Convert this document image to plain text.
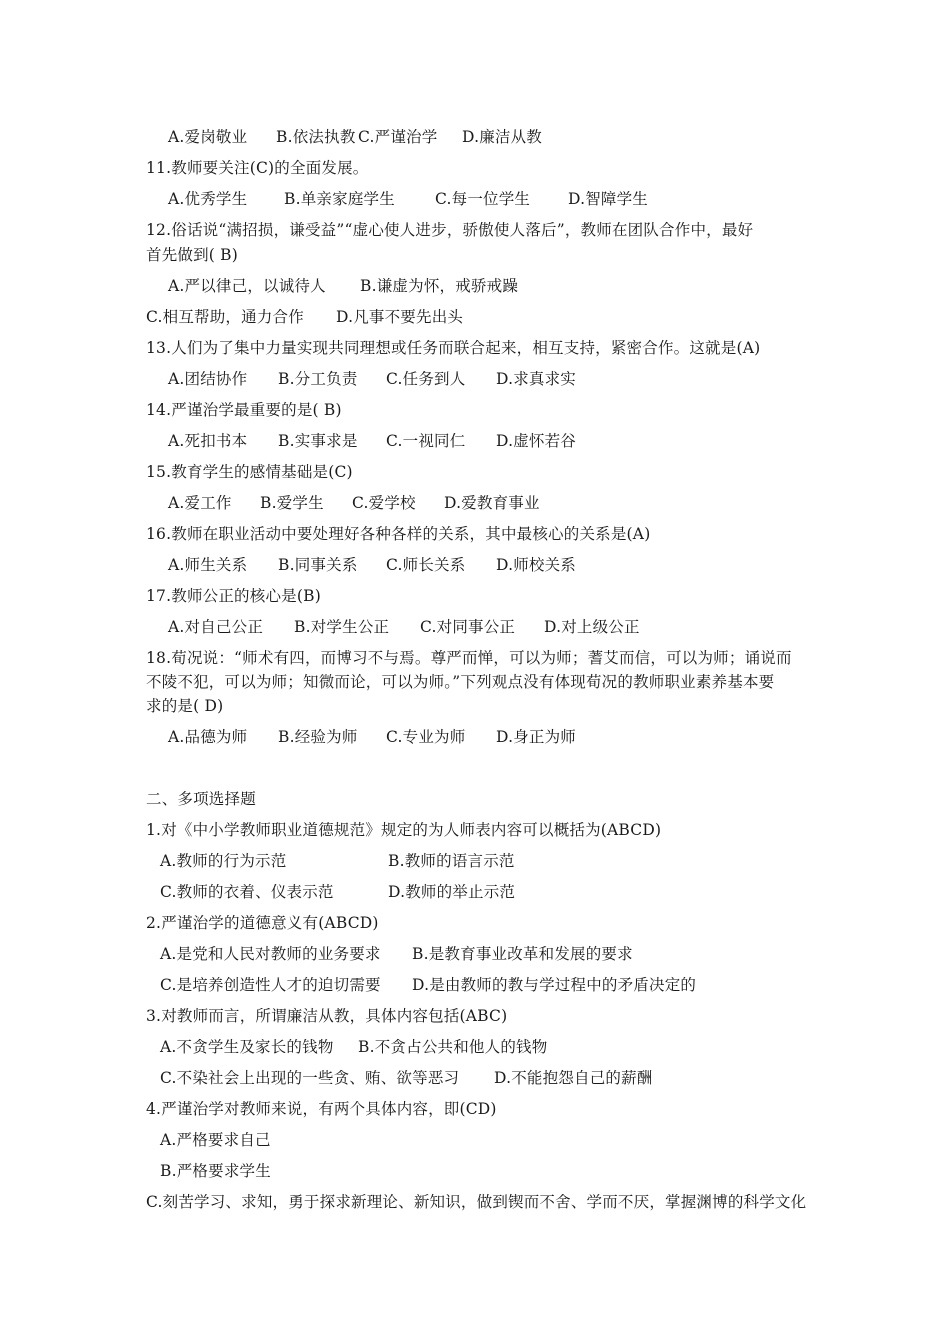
A.爱岗敬业 B.依法执教 C.严谨治学 D.廉洁从教
11.教师要关注(C)的全面发展。
A.优秀学生 B.单亲家庭学生	C.每一位学生 D.智障学生
12.俗话说“满招损，谦受益”“虚心使人进步，骄傲使人落后”，教师在团队合作中，最好
首先做到( B)
A.严以律己，以诚待人 B.谦虚为怀，戒骄戒躁
C.相互帮助，通力合作 D.凡事不要先出头
13.人们为了集中力量实现共同理想或任务而联合起来，相互支持，紧密合作。这就是(A)
A.团结协作 B.分工负责 C.任务到人 D.求真求实
14.严谨治学最重要的是( B)
A.死扣书本 B.实事求是 C.一视同仁 D.虚怀若谷
15.教育学生的感情基础是(C)
A.爱工作 B.爱学生 C.爱学校 D.爱教育事业
16.教师在职业活动中要处理好各种各样的关系，其中最核心的关系是(A)
A.师生关系 B.同事关系 C.师长关系 D.师校关系
17.教师公正的核心是(B)
A.对自己公正 B.对学生公正 C.对同事公正 D.对上级公正
18.荀况说：“师术有四，而博习不与焉。尊严而惮，可以为师；蓍艾而信，可以为师；诵说而
不陵不犯，可以为师；知微而论，可以为师。”下列观点没有体现荀况的教师职业素养基本要
求的是( D)
A.品德为师 B.经验为师 C.专业为师 D.身正为师
二、多项选择题
1.对《中小学教师职业道德规范》规定的为人师表内容可以概括为(ABCD)
A.教师的行为示范	B.教师的语言示范
C.教师的衣着、仪表示范	D.教师的举止示范
2.严谨治学的道德意义有(ABCD)
A.是党和人民对教师的业务要求 B.是教育事业改革和发展的要求
C.是培养创造性人才的迫切需要 D.是由教师的教与学过程中的矛盾决定的
3.对教师而言，所谓廉洁从教，具体内容包括(ABC)
A.不贪学生及家长的钱物 B.不贪占公共和他人的钱物
C.不染社会上出现的一些贪、贿、欲等恶习 D.不能抱怨自己的薪酬
4.严谨治学对教师来说，有两个具体内容，即(CD)
A.严格要求自己
B.严格要求学生
C.刻苦学习、求知，勇于探求新理论、新知识，做到锲而不舍、学而不厌，掌握渊博的科学文化
